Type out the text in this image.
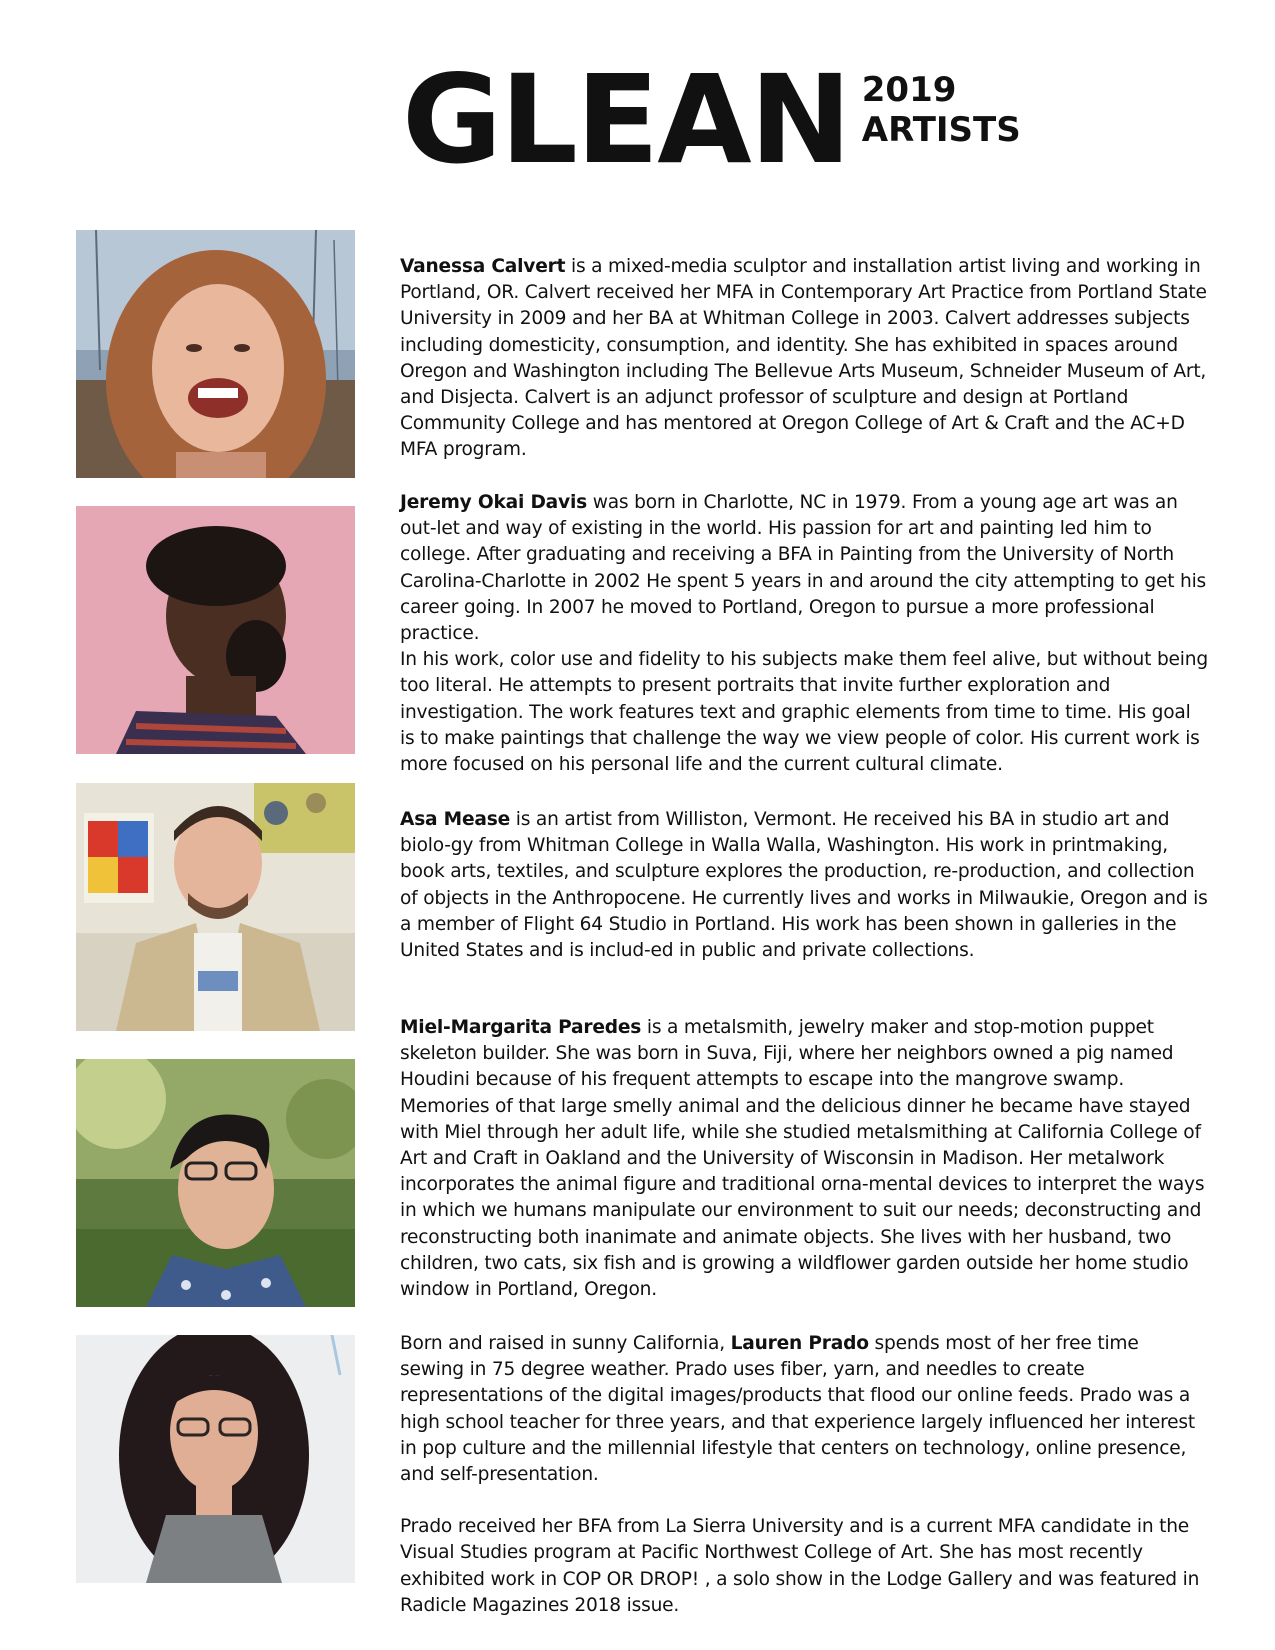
GLEAN 2019
ARTISTS

Vanessa Calvert is a mixed-media sculptor and installation artist living and working in Portland, OR. Calvert received her MFA in Contemporary Art Practice from Portland State University in 2009 and her BA at Whitman College in 2003. Calvert addresses subjects including domesticity, consumption, and identity. She has exhibited in spaces around Oregon and Washington including The Bellevue Arts Museum, Schneider Museum of Art, and Disjecta. Calvert is an adjunct professor of sculpture and design at Portland Community College and has mentored at Oregon College of Art & Craft and the AC+D MFA program.

Jeremy Okai Davis was born in Charlotte, NC in 1979. From a young age art was an out-let and way of existing in the world. His passion for art and painting led him to college. After graduating and receiving a BFA in Painting from the University of North Carolina-Charlotte in 2002 He spent 5 years in and around the city attempting to get his career going. In 2007 he moved to Portland, Oregon to pursue a more professional practice.

In his work, color use and fidelity to his subjects make them feel alive, but without being too literal. He attempts to present portraits that invite further exploration and investigation. The work features text and graphic elements from time to time. His goal is to make paintings that challenge the way we view people of color. His current work is more focused on his personal life and the current cultural climate.

Asa Mease is an artist from Williston, Vermont. He received his BA in studio art and biolo-gy from Whitman College in Walla Walla, Washington. His work in printmaking, book arts, textiles, and sculpture explores the production, re-production, and collection of objects in the Anthropocene. He currently lives and works in Milwaukie, Oregon and is a member of Flight 64 Studio in Portland. His work has been shown in galleries in the United States and is includ-ed in public and private collections.

Miel-Margarita Paredes is a metalsmith, jewelry maker and stop-motion puppet skeleton builder. She was born in Suva, Fiji, where her neighbors owned a pig named Houdini because of his frequent attempts to escape into the mangrove swamp. Memories of that large smelly animal and the delicious dinner he became have stayed with Miel through her adult life, while she studied metalsmithing at California College of Art and Craft in Oakland and the University of Wisconsin in Madison. Her metalwork incorporates the animal figure and traditional orna-mental devices to interpret the ways in which we humans manipulate our environment to suit our needs; deconstructing and reconstructing both inanimate and animate objects. She lives with her husband, two children, two cats, six fish and is growing a wildflower garden outside her home studio window in Portland, Oregon.

Born and raised in sunny California, Lauren Prado spends most of her free time sewing in 75 degree weather. Prado uses fiber, yarn, and needles to create representations of the digital images/products that flood our online feeds. Prado was a high school teacher for three years, and that experience largely influenced her interest in pop culture and the millennial lifestyle that centers on technology, online presence, and self-presentation.

Prado received her BFA from La Sierra University and is a current MFA candidate in the Visual Studies program at Pacific Northwest College of Art. She has most recently exhibited work in COP OR DROP! , a solo show in the Lodge Gallery and was featured in Radicle Magazines 2018 issue.
